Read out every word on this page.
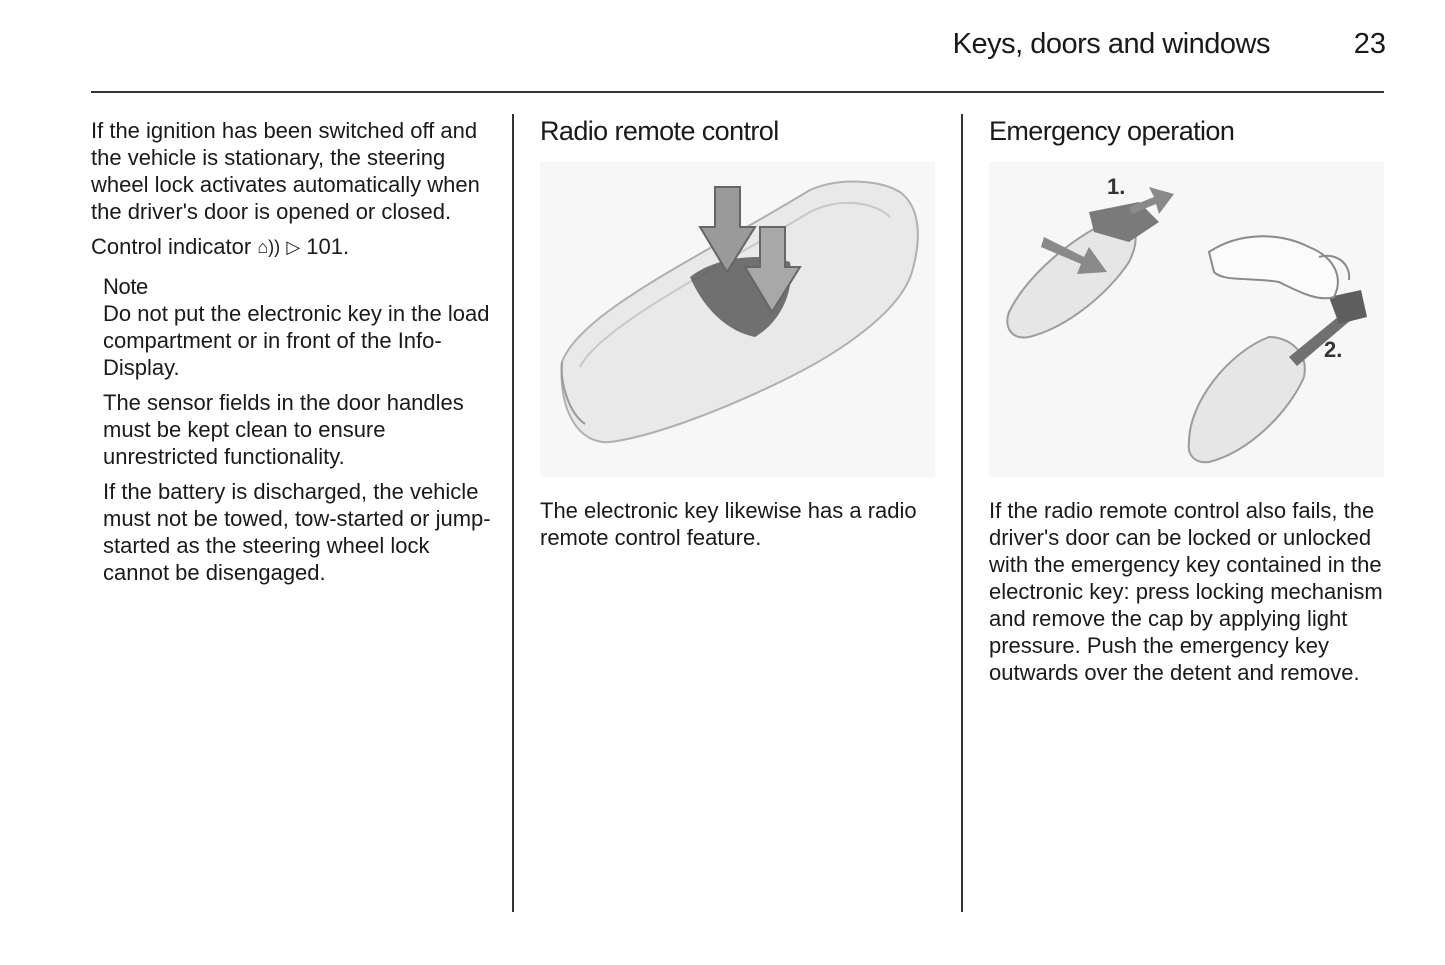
Keys, doors and windows	23

If the ignition has been switched off and the vehicle is stationary, the steering wheel lock activates automatically when the driver's door is opened or closed.

Control indicator ⌂)) ▷ 101.

Note

Do not put the electronic key in the load compartment or in front of the Info-Display.

The sensor fields in the door handles must be kept clean to ensure unrestricted functionality.

If the battery is discharged, the vehicle must not be towed, tow-started or jump-started as the steering wheel lock cannot be disengaged.

Radio remote control

The electronic key likewise has a radio remote control feature.

Emergency operation
1.
2.

If the radio remote control also fails, the driver's door can be locked or unlocked with the emergency key contained in the electronic key: press locking mechanism and remove the cap by applying light pressure. Push the emergency key outwards over the detent and remove.
